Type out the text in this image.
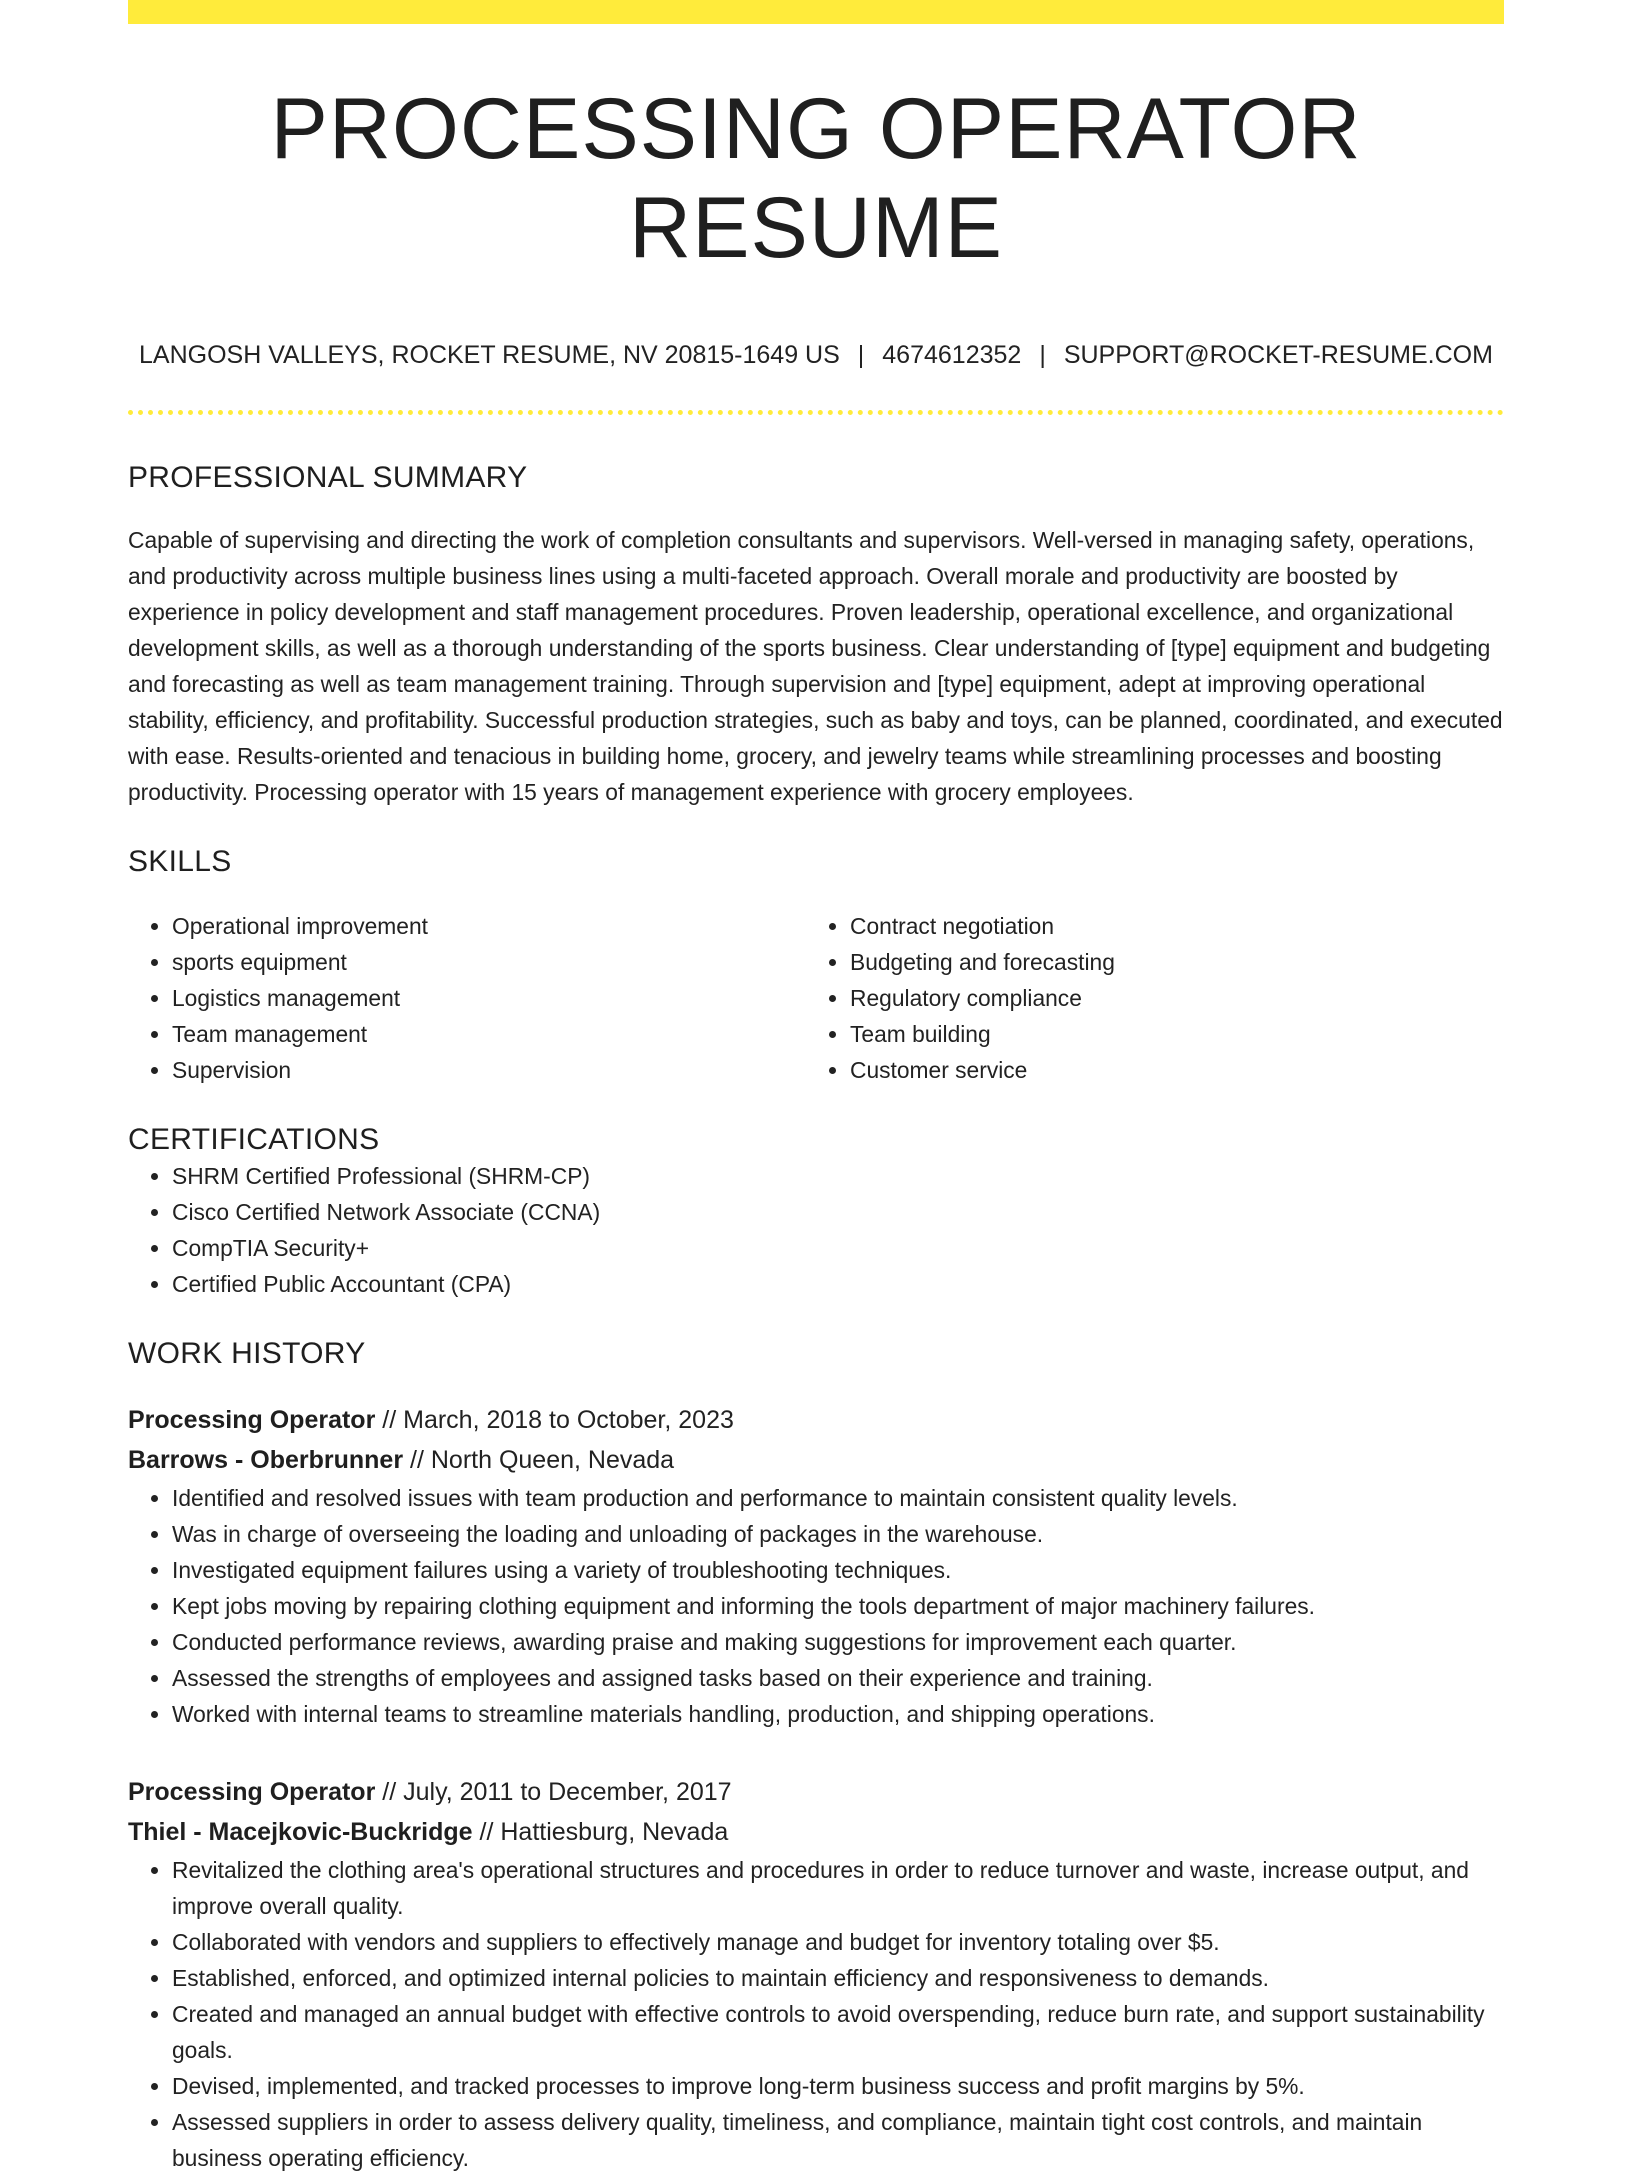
PROCESSING OPERATOR RESUME
LANGOSH VALLEYS, ROCKET RESUME, NV 20815-1649 US | 4674612352 | SUPPORT@ROCKET-RESUME.COM
PROFESSIONAL SUMMARY
Capable of supervising and directing the work of completion consultants and supervisors. Well-versed in managing safety, operations, and productivity across multiple business lines using a multi-faceted approach. Overall morale and productivity are boosted by experience in policy development and staff management procedures. Proven leadership, operational excellence, and organizational development skills, as well as a thorough understanding of the sports business. Clear understanding of [type] equipment and budgeting and forecasting as well as team management training. Through supervision and [type] equipment, adept at improving operational stability, efficiency, and profitability. Successful production strategies, such as baby and toys, can be planned, coordinated, and executed with ease. Results-oriented and tenacious in building home, grocery, and jewelry teams while streamlining processes and boosting productivity. Processing operator with 15 years of management experience with grocery employees.
SKILLS
• Operational improvement
• sports equipment
• Logistics management
• Team management
• Supervision
• Contract negotiation
• Budgeting and forecasting
• Regulatory compliance
• Team building
• Customer service
CERTIFICATIONS
• SHRM Certified Professional (SHRM-CP)
• Cisco Certified Network Associate (CCNA)
• CompTIA Security+
• Certified Public Accountant (CPA)
WORK HISTORY
Processing Operator // March, 2018 to October, 2023
Barrows - Oberbrunner // North Queen, Nevada
• Identified and resolved issues with team production and performance to maintain consistent quality levels.
• Was in charge of overseeing the loading and unloading of packages in the warehouse.
• Investigated equipment failures using a variety of troubleshooting techniques.
• Kept jobs moving by repairing clothing equipment and informing the tools department of major machinery failures.
• Conducted performance reviews, awarding praise and making suggestions for improvement each quarter.
• Assessed the strengths of employees and assigned tasks based on their experience and training.
• Worked with internal teams to streamline materials handling, production, and shipping operations.
Processing Operator // July, 2011 to December, 2017
Thiel - Macejkovic-Buckridge // Hattiesburg, Nevada
• Revitalized the clothing area's operational structures and procedures in order to reduce turnover and waste, increase output, and improve overall quality.
• Collaborated with vendors and suppliers to effectively manage and budget for inventory totaling over $5.
• Established, enforced, and optimized internal policies to maintain efficiency and responsiveness to demands.
• Created and managed an annual budget with effective controls to avoid overspending, reduce burn rate, and support sustainability goals.
• Devised, implemented, and tracked processes to improve long-term business success and profit margins by 5%.
• Assessed suppliers in order to assess delivery quality, timeliness, and compliance, maintain tight cost controls, and maintain business operating efficiency.
